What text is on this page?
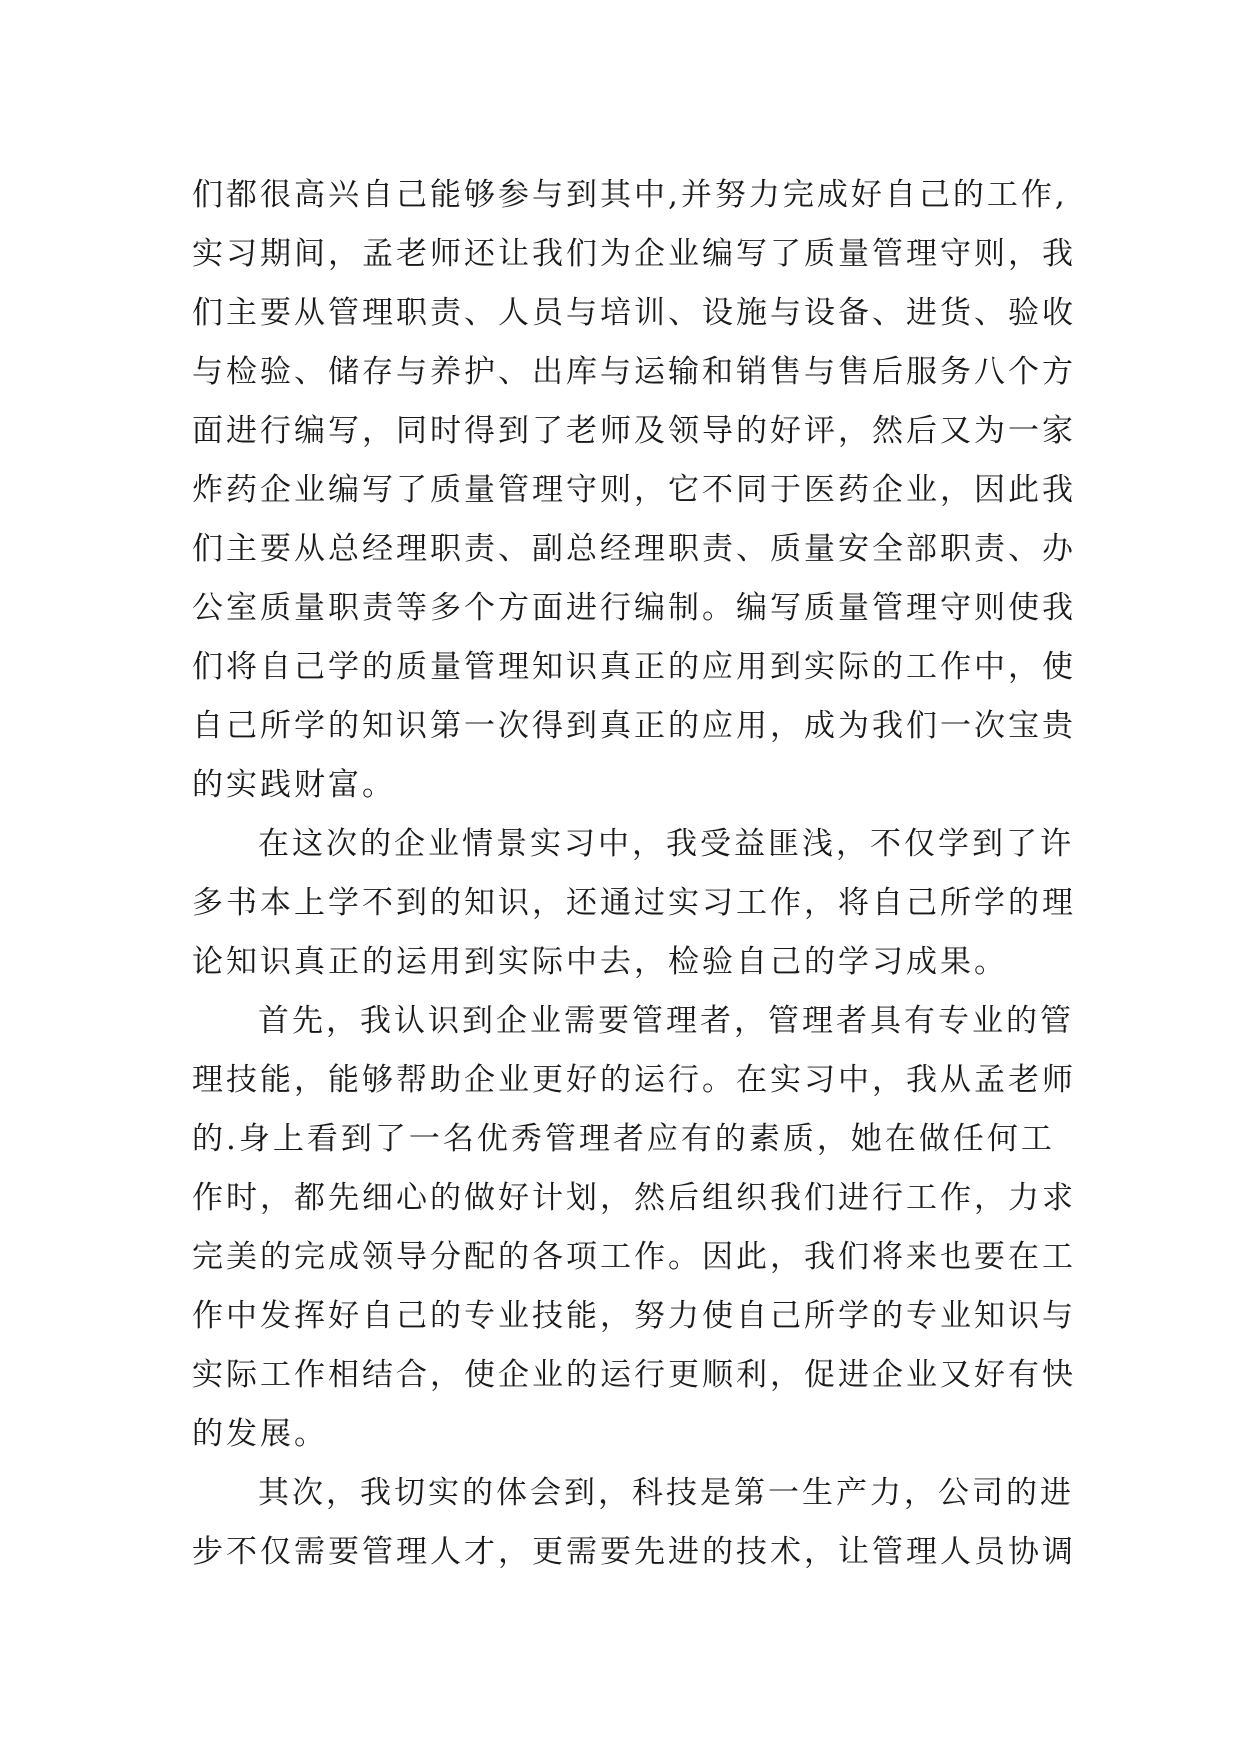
们都很高兴自己能够参与到其中,并努力完成好自己的工作,
实习期间，孟老师还让我们为企业编写了质量管理守则，我
们主要从管理职责、人员与培训、设施与设备、进货、验收
与检验、储存与养护、出库与运输和销售与售后服务八个方
面进行编写，同时得到了老师及领导的好评，然后又为一家
炸药企业编写了质量管理守则，它不同于医药企业，因此我
们主要从总经理职责、副总经理职责、质量安全部职责、办
公室质量职责等多个方面进行编制。编写质量管理守则使我
们将自己学的质量管理知识真正的应用到实际的工作中，使
自己所学的知识第一次得到真正的应用，成为我们一次宝贵
的实践财富。
在这次的企业情景实习中，我受益匪浅，不仅学到了许
多书本上学不到的知识，还通过实习工作，将自己所学的理
论知识真正的运用到实际中去，检验自己的学习成果。
首先，我认识到企业需要管理者，管理者具有专业的管
理技能，能够帮助企业更好的运行。在实习中，我从孟老师
的.身上看到了一名优秀管理者应有的素质，她在做任何工
作时，都先细心的做好计划，然后组织我们进行工作，力求
完美的完成领导分配的各项工作。因此，我们将来也要在工
作中发挥好自己的专业技能，努力使自己所学的专业知识与
实际工作相结合，使企业的运行更顺利，促进企业又好有快
的发展。
其次，我切实的体会到，科技是第一生产力，公司的进
步不仅需要管理人才，更需要先进的技术，让管理人员协调
